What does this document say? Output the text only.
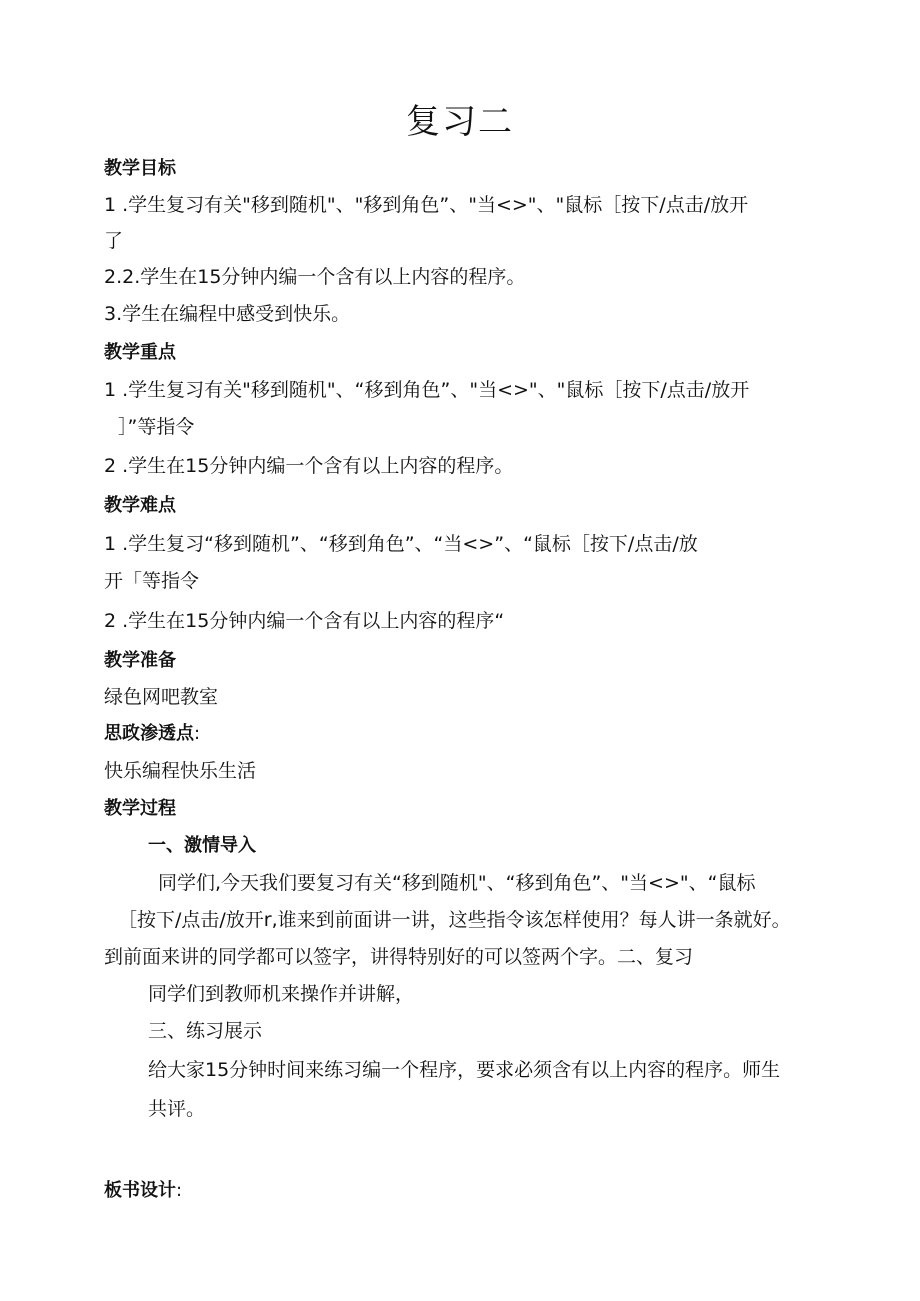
复习二
教学目标
1 .学生复习有关"移到随机"、"移到角色”、"当<>"、"鼠标［按下/点击/放开
了
2.2.学生在15分钟内编一个含有以上内容的程序。
3.学生在编程中感受到快乐。
教学重点
1 .学生复习有关"移到随机"、“移到角色”、"当<>"、"鼠标［按下/点击/放开
］”等指令
2 .学生在15分钟内编一个含有以上内容的程序。
教学难点
1 .学生复习“移到随机”、“移到角色”、“当<>”、“鼠标［按下/点击/放
开「等指令
2 .学生在15分钟内编一个含有以上内容的程序“
教学准备
绿色网吧教室
思政渗透点:
快乐编程快乐生活
教学过程
一、激情导入
同学们,今天我们要复习有关“移到随机"、“移到角色”、"当<>"、“鼠标
［按下/点击/放开r,谁来到前面讲一讲，这些指令该怎样使用？每人讲一条就好。
到前面来讲的同学都可以签字，讲得特别好的可以签两个字。二、复习
同学们到教师机来操作并讲解，
三、练习展示
给大家15分钟时间来练习编一个程序，要求必须含有以上内容的程序。师生
共评。
板书设计:
